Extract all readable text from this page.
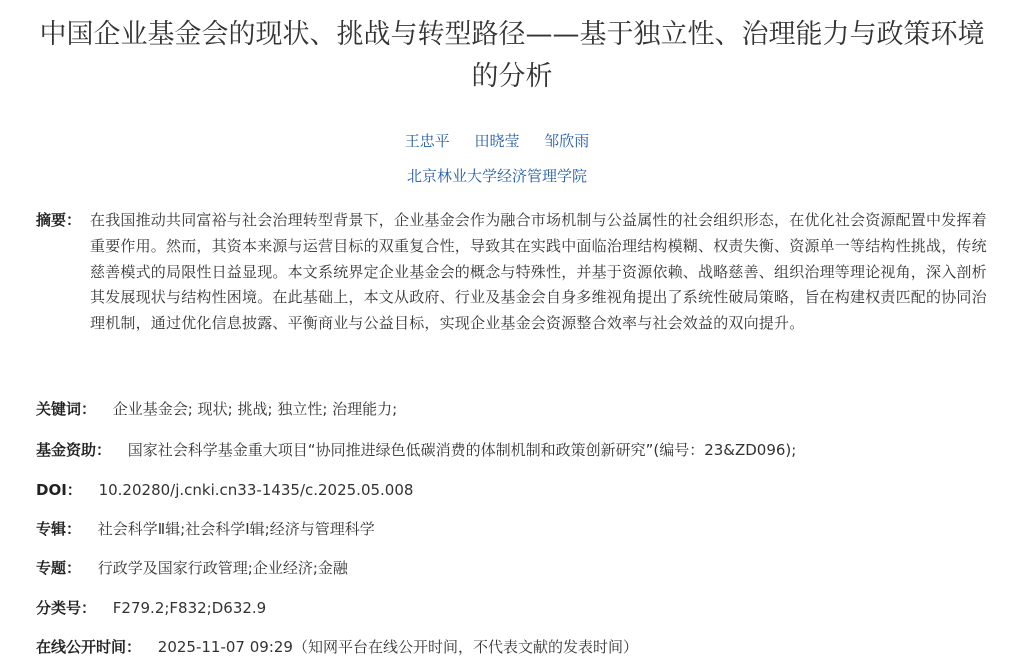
中国企业基金会的现状、挑战与转型路径——基于独立性、治理能力与政策环境的分析
王忠平 田晓莹 邹欣雨
北京林业大学经济管理学院
摘要： 在我国推动共同富裕与社会治理转型背景下，企业基金会作为融合市场机制与公益属性的社会组织形态，在优化社会资源配置中发挥着重要作用。然而，其资本来源与运营目标的双重复合性，导致其在实践中面临治理结构模糊、权责失衡、资源单一等结构性挑战，传统慈善模式的局限性日益显现。本文系统界定企业基金会的概念与特殊性，并基于资源依赖、战略慈善、组织治理等理论视角，深入剖析其发展现状与结构性困境。在此基础上，本文从政府、行业及基金会自身多维视角提出了系统性破局策略，旨在构建权责匹配的协同治理机制，通过优化信息披露、平衡商业与公益目标，实现企业基金会资源整合效率与社会效益的双向提升。
关键词： 企业基金会; 现状; 挑战; 独立性; 治理能力;
基金资助： 国家社会科学基金重大项目“协同推进绿色低碳消费的体制机制和政策创新研究”(编号：23&ZD096);
DOI： 10.20280/j.cnki.cn33-1435/c.2025.05.008
专辑： 社会科学Ⅱ辑;社会科学Ⅰ辑;经济与管理科学
专题： 行政学及国家行政管理;企业经济;金融
分类号： F279.2;F832;D632.9
在线公开时间： 2025-11-07 09:29（知网平台在线公开时间，不代表文献的发表时间）
